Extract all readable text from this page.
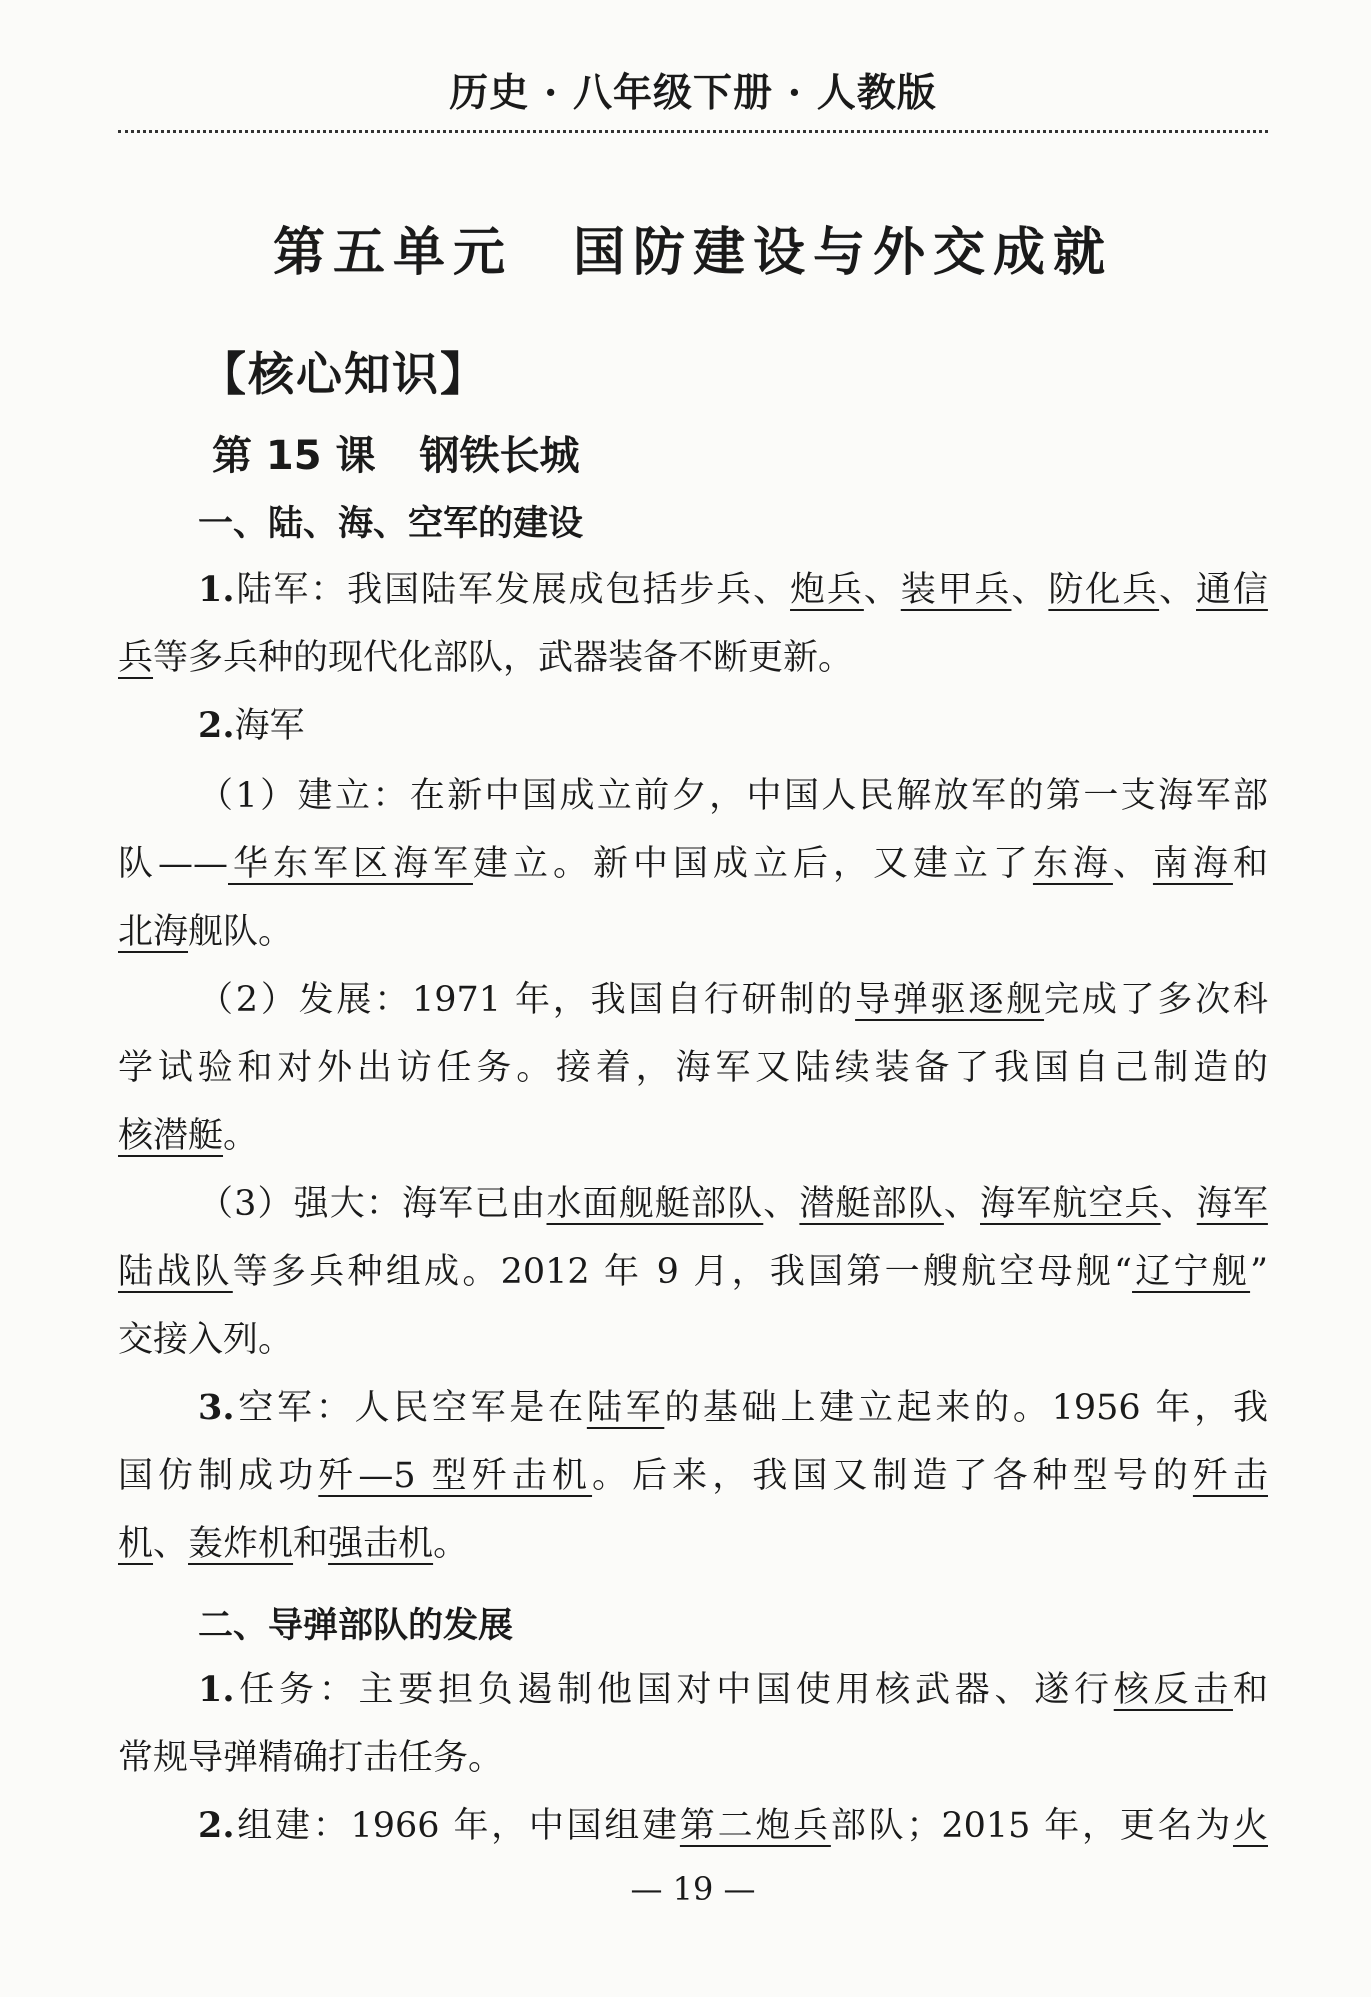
历史 · 八年级下册 · 人教版
第五单元 国防建设与外交成就
【核心知识】
第 15 课 钢铁长城
一、陆、海、空军的建设
1.陆军：我国陆军发展成包括步兵、炮兵、装甲兵、防化兵、通信
兵等多兵种的现代化部队，武器装备不断更新。
2.海军
（1）建立：在新中国成立前夕，中国人民解放军的第一支海军部
队——华东军区海军建立。新中国成立后，又建立了东海、南海和
北海舰队。
（2）发展：1971 年，我国自行研制的导弹驱逐舰完成了多次科
学试验和对外出访任务。接着，海军又陆续装备了我国自己制造的
核潜艇。
（3）强大：海军已由水面舰艇部队、潜艇部队、海军航空兵、海军
陆战队等多兵种组成。2012 年 9 月，我国第一艘航空母舰“辽宁舰”
交接入列。
3.空军：人民空军是在陆军的基础上建立起来的。1956 年，我
国仿制成功歼—5 型歼击机。后来，我国又制造了各种型号的歼击
机、轰炸机和强击机。
二、导弹部队的发展
1.任务：主要担负遏制他国对中国使用核武器、遂行核反击和
常规导弹精确打击任务。
2.组建：1966 年，中国组建第二炮兵部队；2015 年，更名为火
— 19 —
